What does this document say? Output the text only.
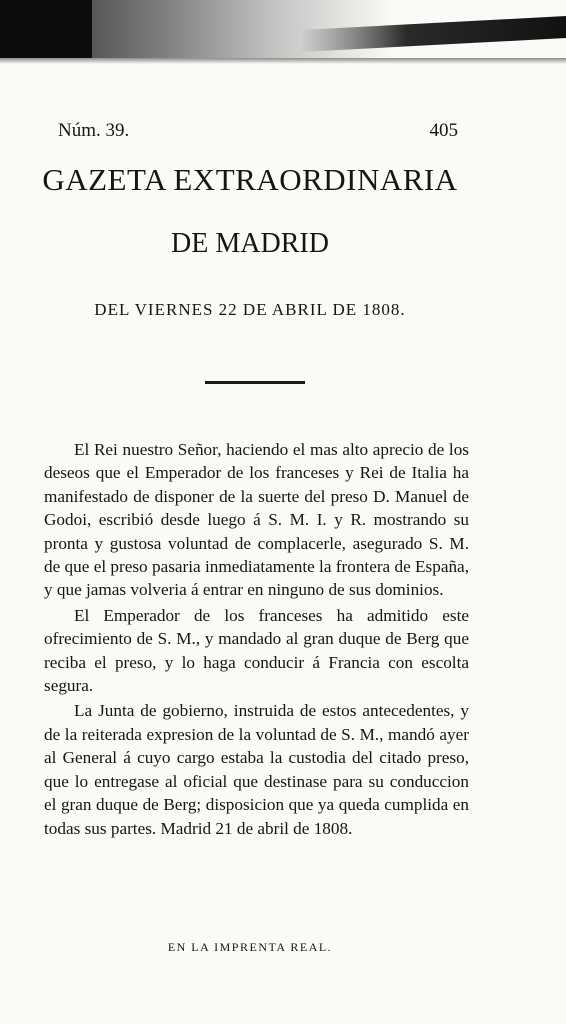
Núm. 39.	405
GAZETA EXTRAORDINARIA
DE MADRID
DEL VIERNES 22 DE ABRIL DE 1808.

El Rei nuestro Señor, haciendo el mas alto aprecio de los deseos que el Emperador de los franceses y Rei de Italia ha manifestado de disponer de la suerte del preso D. Manuel de Godoi, escribió desde luego á S. M. I. y R. mostrando su pronta y gustosa voluntad de complacerle, asegurado S. M. de que el preso pasaria inmediatamente la frontera de España, y que jamas volveria á entrar en ninguno de sus dominios.

El Emperador de los franceses ha admitido este ofrecimiento de S. M., y mandado al gran duque de Berg que reciba el preso, y lo haga conducir á Francia con escolta segura.

La Junta de gobierno, instruida de estos antecedentes, y de la reiterada expresion de la voluntad de S. M., mandó ayer al General á cuyo cargo estaba la custodia del citado preso, que lo entregase al oficial que destinase para su conduccion el gran duque de Berg; disposicion que ya queda cumplida en todas sus partes. Madrid 21 de abril de 1808.

EN LA IMPRENTA REAL.
